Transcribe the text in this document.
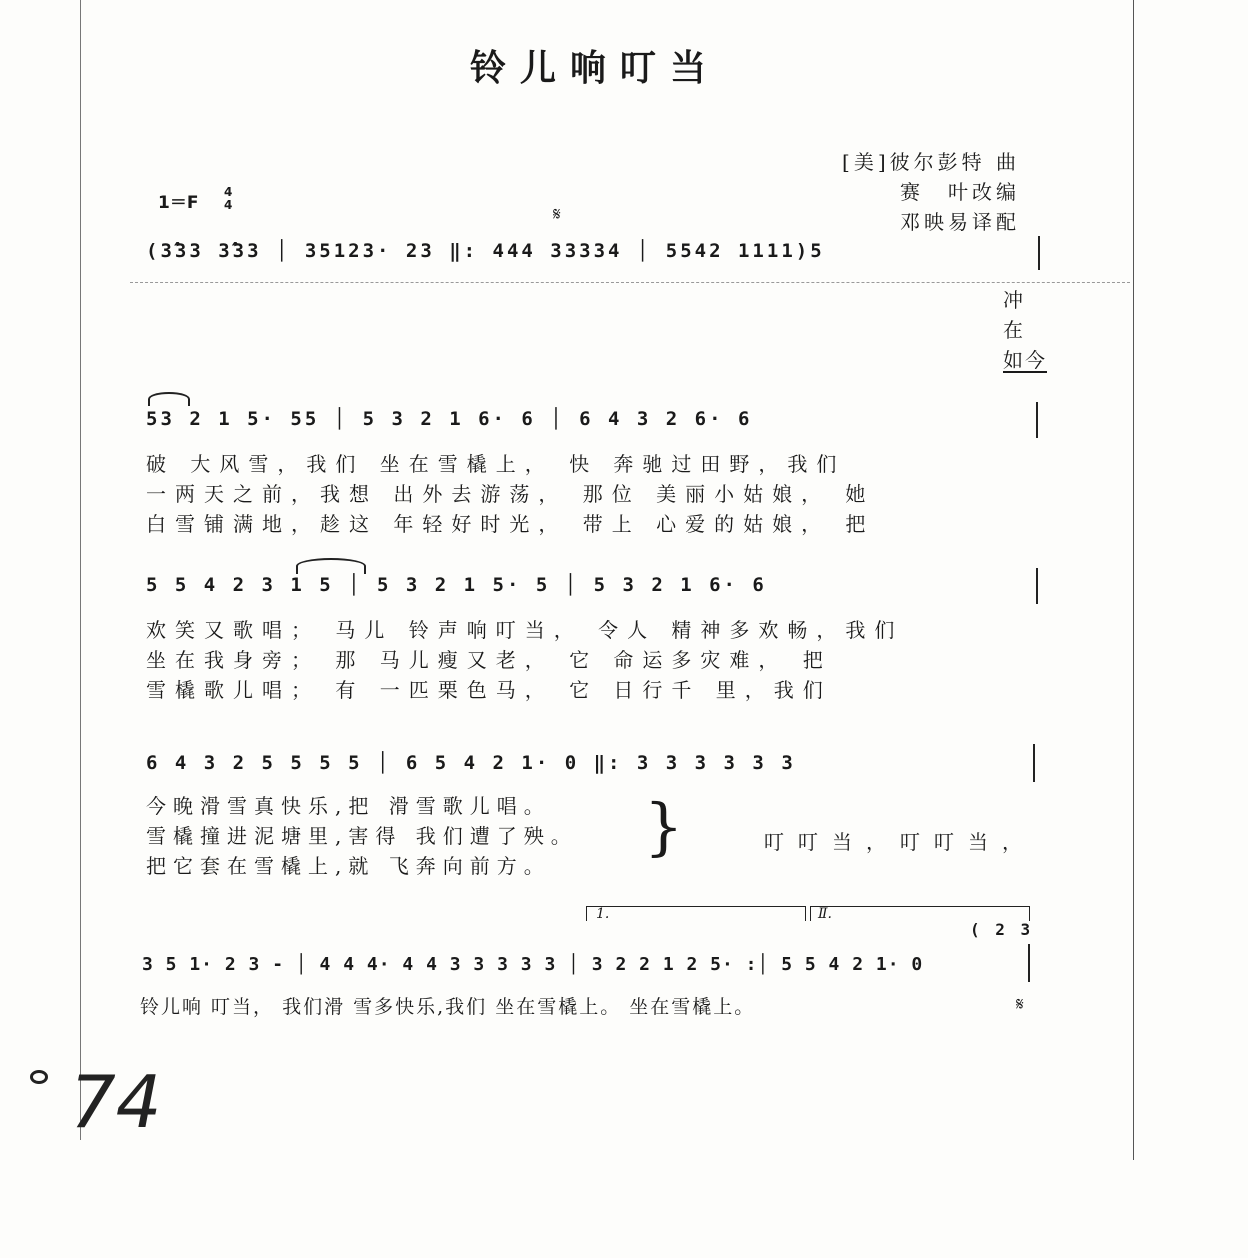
铃儿响叮当
[美]彼尔彭特 曲
赛　叶改编
邓映易译配
1＝F
4
4	𝄋
(3̂33 3̂33 │ 35123· 23 ‖: 444 33334 │ 5542 1111)5
冲
在
如今
53 2 1 5· 55 │ 5 3 2 1 6· 6 │ 6 4 3 2 6· 6
破 大风雪，我们 坐在雪橇上， 快 奔驰过田野，我们
一两天之前，我想 出外去游荡， 那位 美丽小姑娘， 她
白雪铺满地，趁这 年轻好时光， 带上 心爱的姑娘， 把
5 5 4 2 3 1 5 │ 5 3 2 1 5· 5 │ 5 3 2 1 6· 6
欢笑又歌唱； 马儿 铃声响叮当， 令人 精神多欢畅，我们
坐在我身旁； 那 马儿瘦又老， 它 命运多灾难， 把
雪橇歌儿唱； 有 一匹栗色马， 它 日行千 里，我们
6 4 3 2 5 5 5 5 │ 6 5 4 2 1· 0 ‖: 3 3 3 3 3 3
今晚滑雪真快乐,把 滑雪歌儿唱。
雪橇撞进泥塘里,害得 我们遭了殃。
把它套在雪橇上,就 飞奔向前方。
}	叮叮当，叮叮当，
1.	Ⅱ.
( 2 3
3 5 1· 2 3 - │ 4 4 4· 4 4 3 3 3 3 3 │ 3 2 2 1 2 5· :│ 5 5 4 2 1· 0
铃儿响 叮当， 我们滑 雪多快乐,我们 坐在雪橇上。 坐在雪橇上。	𝄋
74
